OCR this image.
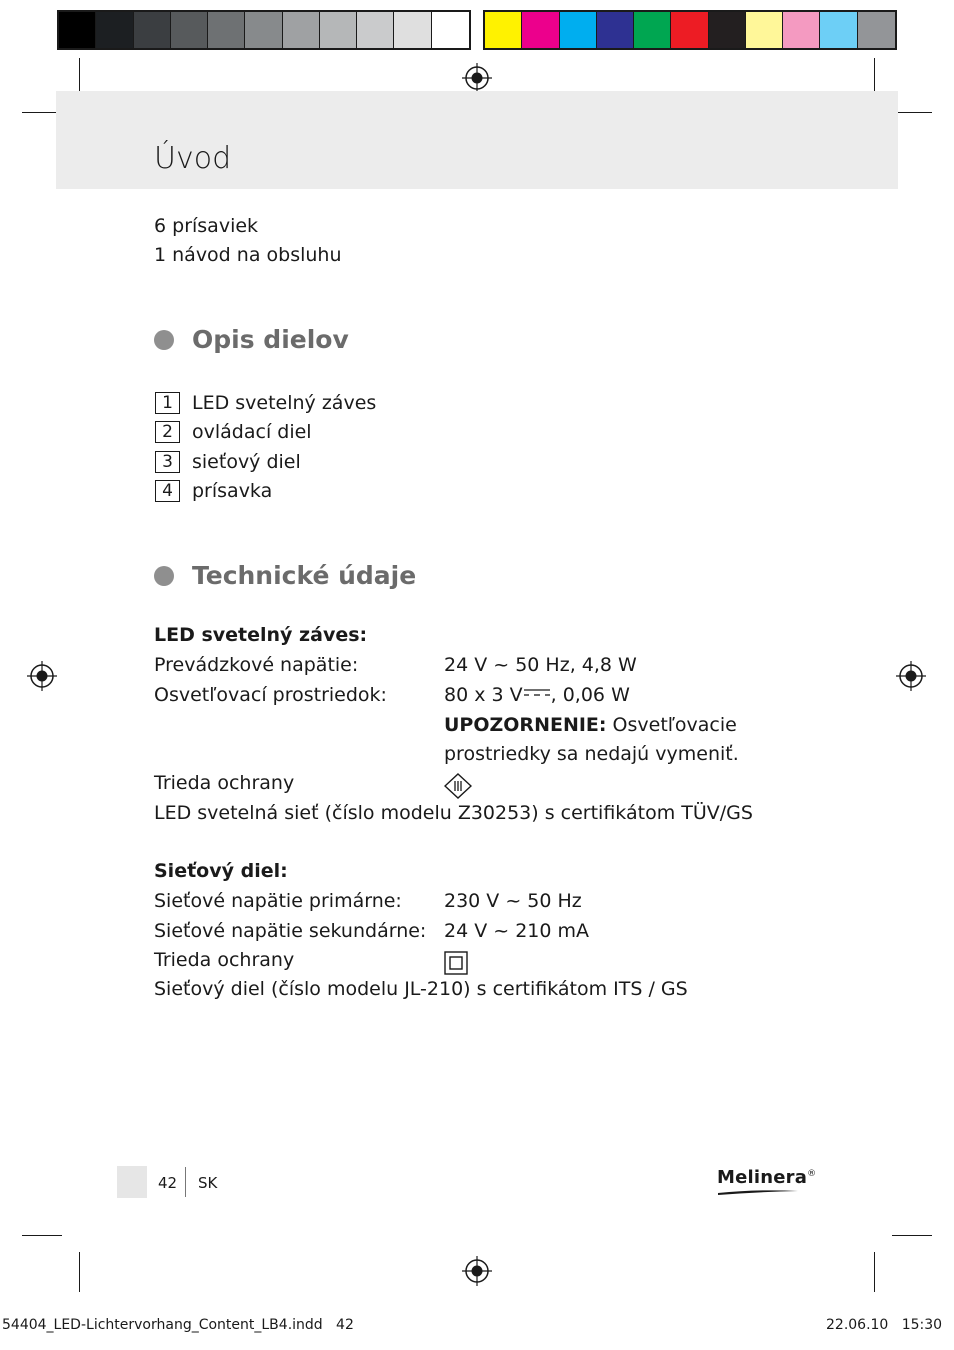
Úvod
6 prísaviek
1 návod na obsluhu
Opis dielov
1	LED svetelný záves
2	ovládací diel
3	sieťový diel
4	prísavka
Technické údaje
LED svetelný záves:
Prevádzkové napätie:	24 V ~ 50 Hz, 4,8 W
Osvetľovací prostriedok:	80 x 3 V , 0,06 W
UPOZORNENIE: Osvetľovacie
prostriedky sa nedajú vymeniť.
Trieda ochrany
LED svetelná sieť (číslo modelu Z30253) s certifikátom TÜV/GS
Sieťový diel:
Sieťové napätie primárne: 230 V ~ 50 Hz
Sieťové napätie sekundárne: 24 V ~ 210 mA
Trieda ochrany
Sieťový diel (číslo modelu JL-210) s certifikátom ITS / GS
42 SK	Melinera®
54404_LED-Lichtervorhang_Content_LB4.indd   42	22.06.10   15:30
